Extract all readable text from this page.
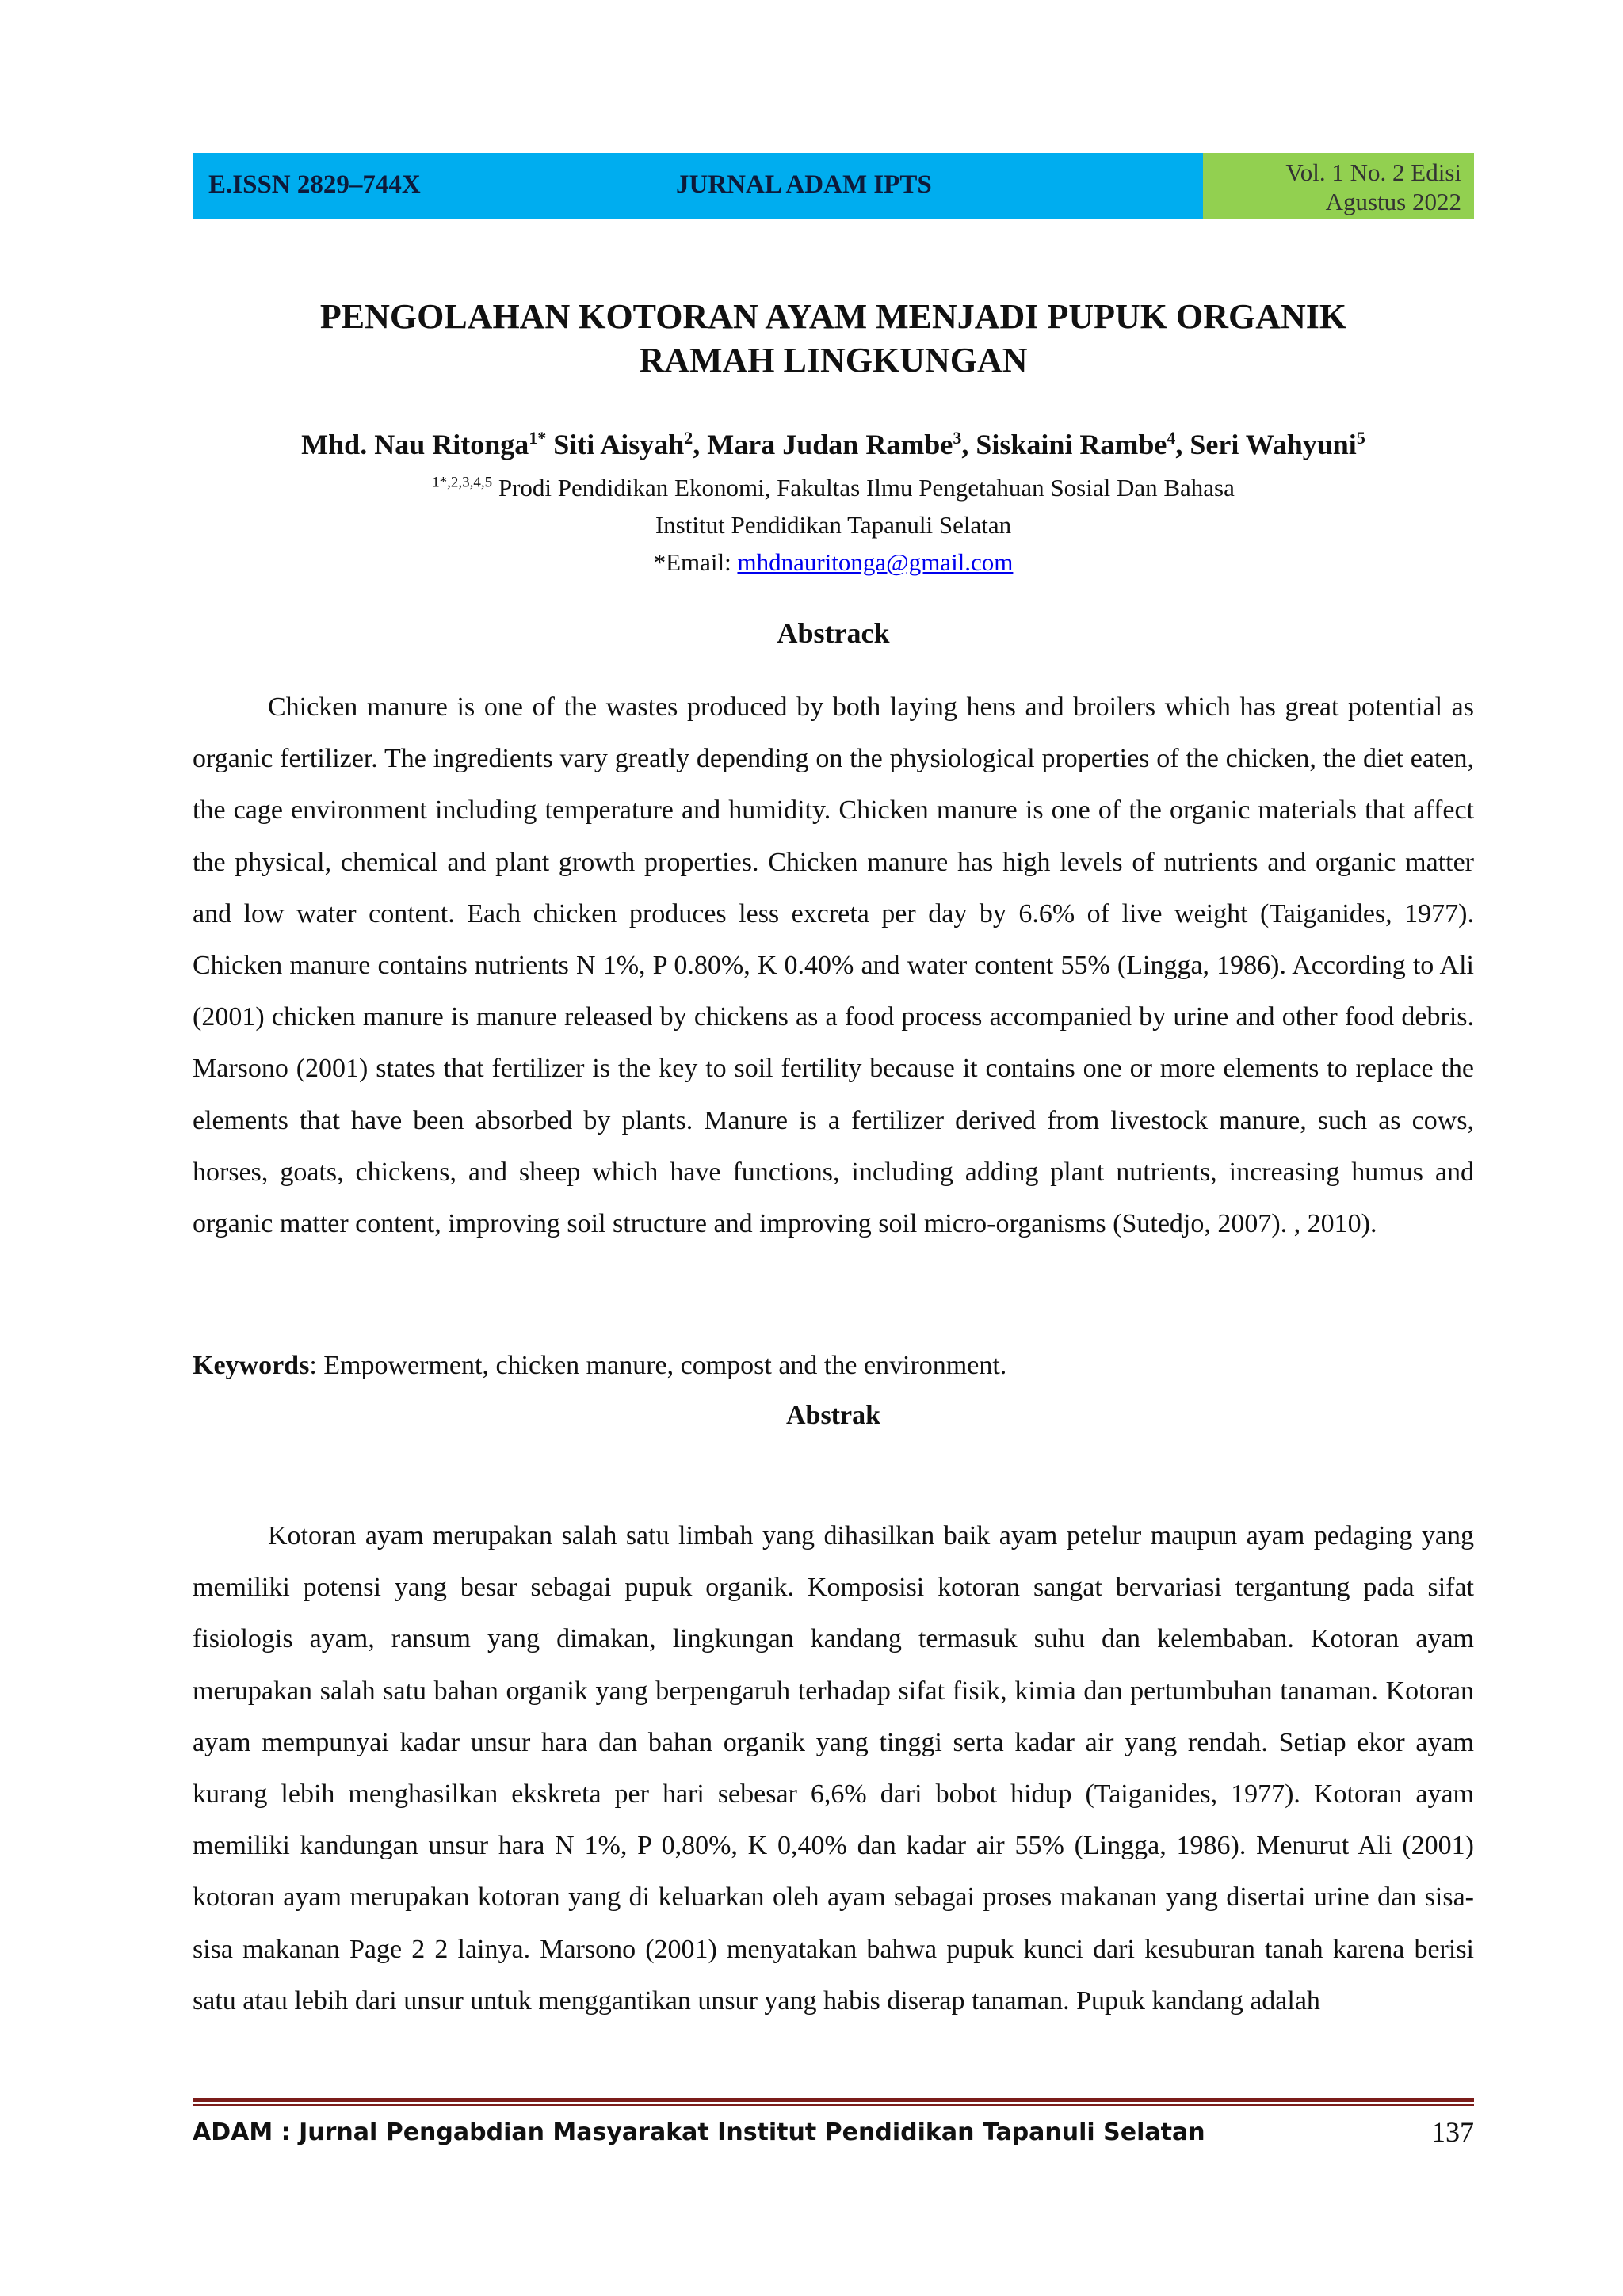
E.ISSN 2829–744X	JURNAL ADAM IPTS	Vol. 1 No. 2 Edisi
Agustus 2022
PENGOLAHAN KOTORAN AYAM MENJADI PUPUK ORGANIK
RAMAH LINGKUNGAN
Mhd. Nau Ritonga$^{1*}$ Siti Aisyah$^2$, Mara Judan Rambe$^3$, Siskaini Rambe$^4$, Seri Wahyuni$^5$
$^{1*,2,3,4,5}$ Prodi Pendidikan Ekonomi, Fakultas Ilmu Pengetahuan Sosial Dan Bahasa
Institut Pendidikan Tapanuli Selatan
*Email: mhdnauritonga@gmail.com
Abstrack

Chicken manure is one of the wastes produced by both laying hens and broilers which has great potential as organic fertilizer. The ingredients vary greatly depending on the physiological properties of the chicken, the diet eaten, the cage environment including temperature and humidity. Chicken manure is one of the organic materials that affect the physical, chemical and plant growth properties. Chicken manure has high levels of nutrients and organic matter and low water content. Each chicken produces less excreta per day by 6.6% of live weight (Taiganides, 1977). Chicken manure contains nutrients N 1%, P 0.80%, K 0.40% and water content 55% (Lingga, 1986). According to Ali (2001) chicken manure is manure released by chickens as a food process accompanied by urine and other food debris. Marsono (2001) states that fertilizer is the key to soil fertility because it contains one or more elements to replace the elements that have been absorbed by plants. Manure is a fertilizer derived from livestock manure, such as cows, horses, goats, chickens, and sheep which have functions, including adding plant nutrients, increasing humus and organic matter content, improving soil structure and improving soil micro-organisms (Sutedjo, 2007). , 2010).

Keywords: Empowerment, chicken manure, compost and the environment.
Abstrak

Kotoran ayam merupakan salah satu limbah yang dihasilkan baik ayam petelur maupun ayam pedaging yang memiliki potensi yang besar sebagai pupuk organik. Komposisi kotoran sangat bervariasi tergantung pada sifat fisiologis ayam, ransum yang dimakan, lingkungan kandang termasuk suhu dan kelembaban. Kotoran ayam merupakan salah satu bahan organik yang berpengaruh terhadap sifat fisik, kimia dan pertumbuhan tanaman. Kotoran ayam mempunyai kadar unsur hara dan bahan organik yang tinggi serta kadar air yang rendah. Setiap ekor ayam kurang lebih menghasilkan ekskreta per hari sebesar 6,6% dari bobot hidup (Taiganides, 1977). Kotoran ayam memiliki kandungan unsur hara N 1%, P 0,80%, K 0,40% dan kadar air 55% (Lingga, 1986). Menurut Ali (2001) kotoran ayam merupakan kotoran yang di keluarkan oleh ayam sebagai proses makanan yang disertai urine dan sisa-sisa makanan Page 2 2 lainya. Marsono (2001) menyatakan bahwa pupuk kunci dari kesuburan tanah karena berisi satu atau lebih dari unsur untuk menggantikan unsur yang habis diserap tanaman. Pupuk kandang adalah

ADAM : Jurnal Pengabdian Masyarakat Institut Pendidikan Tapanuli Selatan	137
